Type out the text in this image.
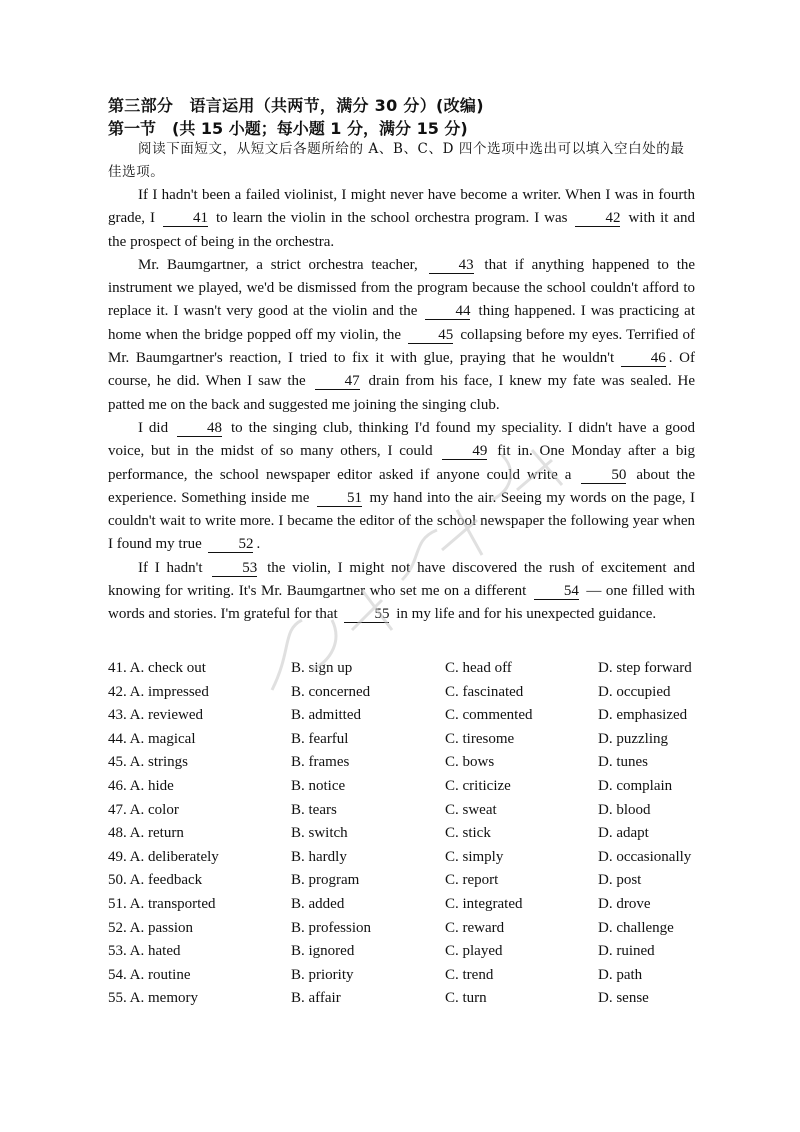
第三部分　语言运用（共两节，满分 30 分）(改编)
第一节　(共 15 小题；每小题 1 分，满分 15 分)
阅读下面短文，从短文后各题所给的 A、B、C、D 四个选项中选出可以填入空白处的最佳选项。

If I hadn't been a failed violinist, I might never have become a writer. When I was in fourth grade, I	41 to learn the violin in the school orchestra program. I was	42 with it and the prospect of being in the orchestra.

Mr. Baumgartner, a strict orchestra teacher,	43 that if anything happened to the instrument we played, we'd be dismissed from the program because the school couldn't afford to replace it. I wasn't very good at the violin and the	44 thing happened. I was practicing at home when the bridge popped off my violin, the 45 collapsing before my eyes. Terrified of Mr. Baumgartner's reaction, I tried to fix it with glue, praying that he wouldn't 46 . Of course, he did. When I saw the	47 drain from his face, I knew my fate was sealed. He patted me on the back and suggested me joining the singing club.

I did	48 to the singing club, thinking I'd found my speciality. I didn't have a good voice, but in the midst of so many others, I could	49 fit in. One Monday after a big performance, the school newspaper editor asked if anyone could write a	50 about the experience. Something inside me	51 my hand into the air. Seeing my words on the page, I couldn't wait to write more. I became the editor of the school newspaper the following year when I found my true 52 .

If I hadn't	53 the violin, I might not have discovered the rush of excitement and knowing for writing. It's Mr. Baumgartner who set me on a different	54 — one filled with words and stories. I'm grateful for that 55 in my life and for his unexpected guidance.

41. A. check out	B. sign up	C. head off	D. step forward
42. A. impressed	B. concerned	C. fascinated	D. occupied
43. A. reviewed	B. admitted	C. commented	D. emphasized
44. A. magical	B. fearful	C. tiresome	D. puzzling
45. A. strings	B. frames	C. bows	D. tunes
46. A. hide	B. notice	C. criticize	D. complain
47. A. color	B. tears	C. sweat	D. blood
48. A. return	B. switch	C. stick	D. adapt
49. A. deliberately	B. hardly	C. simply	D. occasionally
50. A. feedback	B. program	C. report	D. post
51. A. transported	B. added	C. integrated	D. drove
52. A. passion	B. profession	C. reward	D. challenge
53. A. hated	B. ignored	C. played	D. ruined
54. A. routine	B. priority	C. trend	D. path
55. A. memory	B. affair	C. turn	D. sense
